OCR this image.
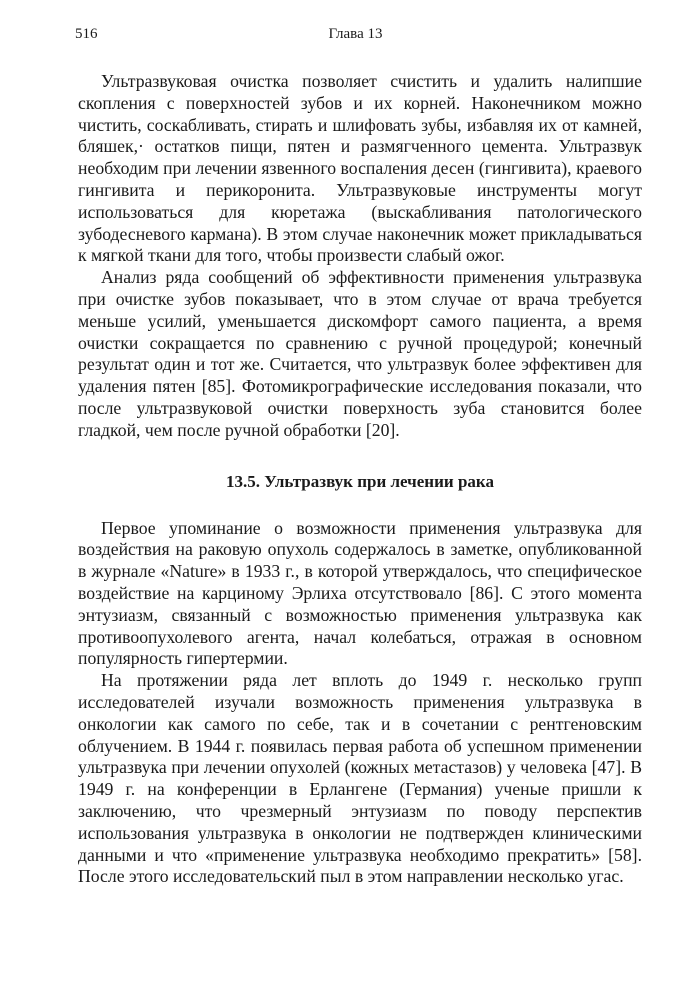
516	Глава 13

Ультразвуковая очистка позволяет счистить и удалить налипшие скопления с поверхностей зубов и их корней. Наконечником можно чистить, соскабливать, стирать и шлифовать зубы, избавляя их от камней, бляшек,· остатков пищи, пятен и размягченного цемента. Ультразвук необходим при лечении язвенного воспаления десен (гингивита), краевого гингивита и перикоронита. Ультразвуковые инструменты могут использоваться для кюретажа (выскабливания патологического зубодесневого кармана). В этом случае наконечник может прикладываться к мягкой ткани для того, чтобы произвести слабый ожог.

Анализ ряда сообщений об эффективности применения ультразвука при очистке зубов показывает, что в этом случае от врача требуется меньше усилий, уменьшается дискомфорт самого пациента, а время очистки сокращается по сравнению с ручной процедурой; конечный результат один и тот же. Считается, что ультразвук более эффективен для удаления пятен [85]. Фотомикрографические исследования показали, что после ультразвуковой очистки поверхность зуба становится более гладкой, чем после ручной обработки [20].

13.5. Ультразвук при лечении рака

Первое упоминание о возможности применения ультразвука для воздействия на раковую опухоль содержалось в заметке, опубликованной в журнале «Nature» в 1933 г., в которой утверждалось, что специфическое воздействие на карциному Эрлиха отсутствовало [86]. С этого момента энтузиазм, связанный с возможностью применения ультразвука как противоопухолевого агента, начал колебаться, отражая в основном популярность гипертермии.

На протяжении ряда лет вплоть до 1949 г. несколько групп исследователей изучали возможность применения ультразвука в онкологии как самого по себе, так и в сочетании с рентгеновским облучением. В 1944 г. появилась первая работа об успешном применении ультразвука при лечении опухолей (кожных метастазов) у человека [47]. В 1949 г. на конференции в Ерлангене (Германия) ученые пришли к заключению, что чрезмерный энтузиазм по поводу перспектив использования ультразвука в онкологии не подтвержден клиническими данными и что «применение ультразвука необходимо прекратить» [58]. После этого исследовательский пыл в этом направлении несколько угас.
